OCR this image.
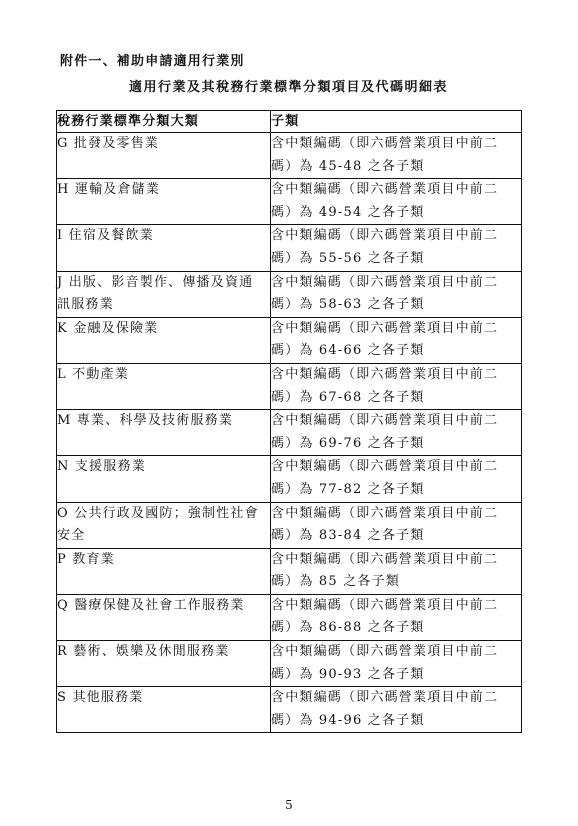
附件一、補助申請適用行業別
適用行業及其稅務行業標準分類項目及代碼明細表
稅務行業標準分類大類	子類

G 批發及零售業	含中類編碼（即六碼營業項目中前二碼）為 45-48 之各子類

H 運輸及倉儲業	含中類編碼（即六碼營業項目中前二碼）為 49-54 之各子類

I 住宿及餐飲業	含中類編碼（即六碼營業項目中前二碼）為 55-56 之各子類

J 出版、影音製作、傳播及資通訊服務業	含中類編碼（即六碼營業項目中前二碼）為 58-63 之各子類

K 金融及保險業	含中類編碼（即六碼營業項目中前二碼）為 64-66 之各子類

L 不動產業	含中類編碼（即六碼營業項目中前二碼）為 67-68 之各子類

M 專業、科學及技術服務業	含中類編碼（即六碼營業項目中前二碼）為 69-76 之各子類

N 支援服務業	含中類編碼（即六碼營業項目中前二碼）為 77-82 之各子類

O 公共行政及國防；強制性社會安全	含中類編碼（即六碼營業項目中前二碼）為 83-84 之各子類

P 教育業	含中類編碼（即六碼營業項目中前二碼）為 85 之各子類

Q 醫療保健及社會工作服務業	含中類編碼（即六碼營業項目中前二碼）為 86-88 之各子類

R 藝術、娛樂及休閒服務業	含中類編碼（即六碼營業項目中前二碼）為 90-93 之各子類

S 其他服務業	含中類編碼（即六碼營業項目中前二碼）為 94-96 之各子類
5
